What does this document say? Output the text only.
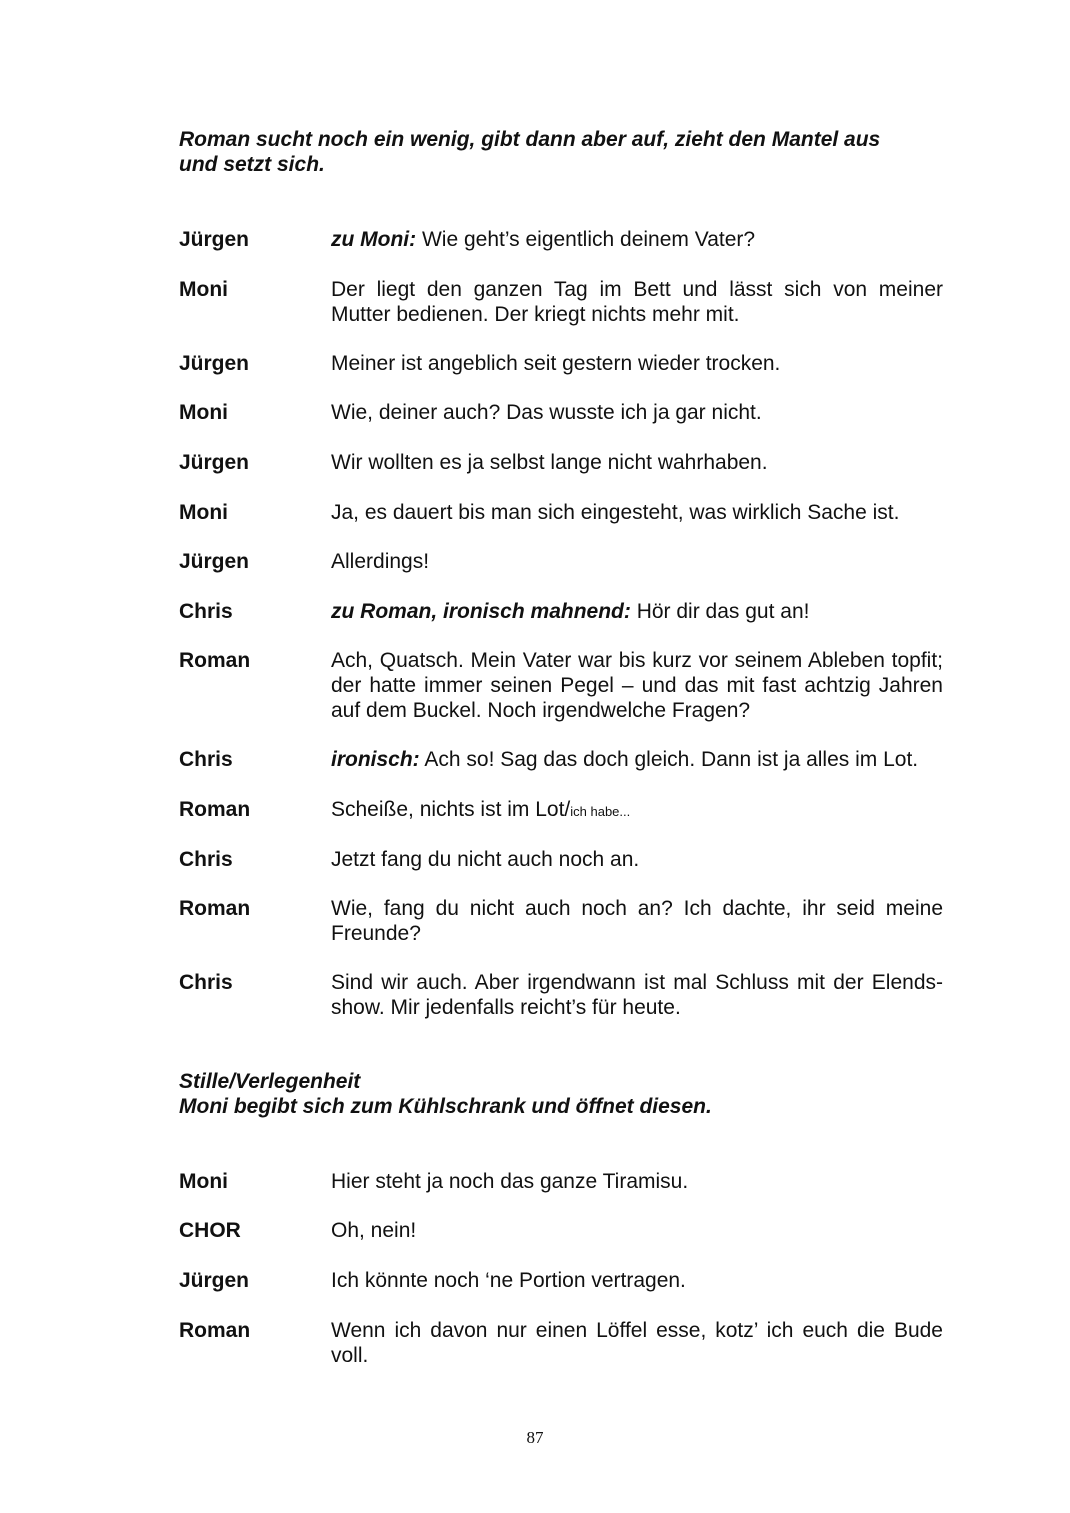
Roman sucht noch ein wenig, gibt dann aber auf, zieht den Mantel aus
und setzt sich.
Jürgen	zu Moni: Wie geht’s eigentlich deinem Vater?
Moni	Der liegt den ganzen Tag im Bett und lässt sich von meiner Mutter bedienen. Der kriegt nichts mehr mit.
Jürgen	Meiner ist angeblich seit gestern wieder trocken.
Moni	Wie, deiner auch? Das wusste ich ja gar nicht.
Jürgen	Wir wollten es ja selbst lange nicht wahrhaben.
Moni	Ja, es dauert bis man sich eingesteht, was wirklich Sache ist.
Jürgen	Allerdings!
Chris	zu Roman, ironisch mahnend: Hör dir das gut an!
Roman	Ach, Quatsch. Mein Vater war bis kurz vor seinem Ableben topfit; der hatte immer seinen Pegel – und das mit fast achtzig Jahren auf dem Buckel. Noch irgendwelche Fragen?
Chris	ironisch: Ach so! Sag das doch gleich. Dann ist ja alles im Lot.
Roman	Scheiße, nichts ist im Lot/ich habe...
Chris	Jetzt fang du nicht auch noch an.
Roman	Wie, fang du nicht auch noch an? Ich dachte, ihr seid meine Freunde?
Chris	Sind wir auch. Aber irgendwann ist mal Schluss mit der Elends-show. Mir jedenfalls reicht’s für heute.
Stille/Verlegenheit
Moni begibt sich zum Kühlschrank und öffnet diesen.
Moni	Hier steht ja noch das ganze Tiramisu.
CHOR	Oh, nein!
Jürgen	Ich könnte noch ‘ne Portion vertragen.
Roman	Wenn ich davon nur einen Löffel esse, kotz’ ich euch die Bude voll.
87
